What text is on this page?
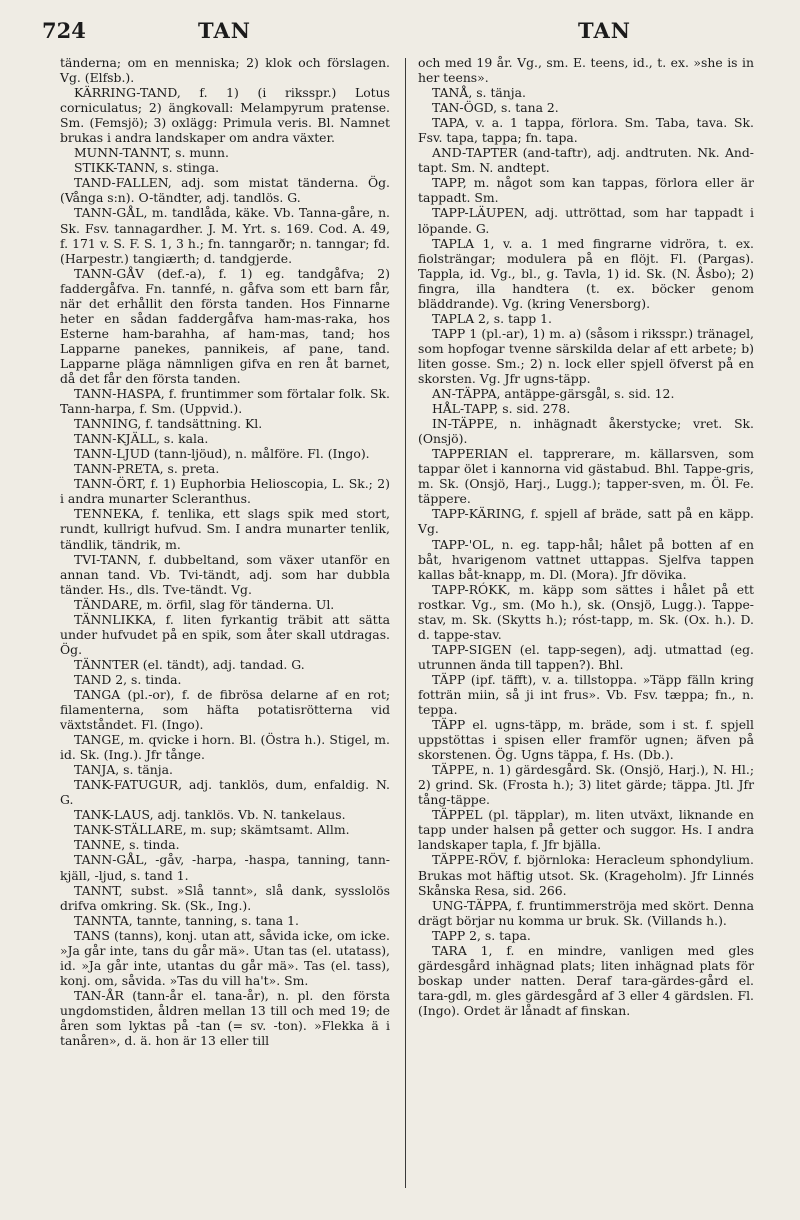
724	TAN	TAN

tänderna; om en menniska; 2) klok och förslagen. Vg. (Elfsb.).

KÄRRING-TAND, f. 1) (i riksspr.) Lotus corniculatus; 2) ängkovall: Melampyrum pratense. Sm. (Femsjö); 3) oxlägg: Primula veris. Bl. Namnet brukas i andra landskaper om andra växter.

MUNN-TANNT, s. munn.

STIKK-TANN, s. stinga.

TAND-FALLEN, adj. som mistat tänderna. Ög. (Vånga s:n). O-tändter, adj. tandlös. G.

TANN-GÅL, m. tandlåda, käke. Vb. Tanna-gåre, n. Sk. Fsv. tannagardher. J. M. Yrt. s. 169. Cod. A. 49, f. 171 v. S. F. S. 1, 3 h.; fn. tanngarðr; n. tanngar; fd. (Harpestr.) tangiærth; d. tandgjerde.

TANN-GÅV (def.-a), f. 1) eg. tandgåfva; 2) faddergåfva. Fn. tannfé, n. gåfva som ett barn får, när det erhållit den första tanden. Hos Finnarne heter en sådan faddergåfva ham-mas-raka, hos Esterne ham-barahha, af ham-mas, tand; hos Lapparne panekes, pannikeis, af pane, tand. Lapparne pläga nämnligen gifva en ren åt barnet, då det får den första tanden.

TANN-HASPA, f. fruntimmer som förtalar folk. Sk. Tann-harpa, f. Sm. (Uppvid.).

TANNING, f. tandsättning. Kl.

TANN-KJÄLL, s. kala.

TANN-LJUD (tann-ljöud), n. målföre. Fl. (Ingo).

TANN-PRETA, s. preta.

TANN-ÖRT, f. 1) Euphorbia Helioscopia, L. Sk.; 2) i andra munarter Scleranthus.

TENNEKA, f. tenlika, ett slags spik med stort, rundt, kullrigt hufvud. Sm. I andra munarter tenlik, tändlik, tändrik, m.

TVI-TANN, f. dubbeltand, som växer utanför en annan tand. Vb. Tvi-tändt, adj. som har dubbla tänder. Hs., dls. Tve-tändt. Vg.

TÄNDARE, m. örfil, slag för tänderna. Ul.

TÄNNLIKKA, f. liten fyrkantig träbit att sätta under hufvudet på en spik, som åter skall utdragas. Ög.

TÄNNTER (el. tändt), adj. tandad. G.

TAND 2, s. tinda.

TANGA (pl.-or), f. de fibrösa delarne af en rot; filamenterna, som häfta potatisrötterna vid växtståndet. Fl. (Ingo).

TANGE, m. qvicke i horn. Bl. (Östra h.). Stigel, m. id. Sk. (Ing.). Jfr tånge.

TANJA, s. tänja.

TANK-FATUGUR, adj. tanklös, dum, enfaldig. N. G.

TANK-LAUS, adj. tanklös. Vb. N. tankelaus.

TANK-STÄLLARE, m. sup; skämtsamt. Allm.

TANNE, s. tinda.

TANN-GÅL, -gåv, -harpa, -haspa, tanning, tann-kjäll, -ljud, s. tand 1.

TANNT, subst. »Slå tannt», slå dank, sysslolös drifva omkring. Sk. (Sk., Ing.).

TANNTA, tannte, tanning, s. tana 1.

TANS (tanns), konj. utan att, såvida icke, om icke. »Ja går inte, tans du går mä». Utan tas (el. utatass), id. »Ja går inte, utantas du går mä». Tas (el. tass), konj. om, såvida. »Tas du vill ha't». Sm.

TAN-ÅR (tann-år el. tana-år), n. pl. den första ungdomstiden, åldren mellan 13 till och med 19; de åren som lyktas på -tan (= sv. -ton). »Flekka ä i tanåren», d. ä. hon är 13 eller till

och med 19 år. Vg., sm. E. teens, id., t. ex. »she is in her teens».

TANÅ, s. tänja.

TAN-ÖGD, s. tana 2.

TAPA, v. a. 1 tappa, förlora. Sm. Taba, tava. Sk. Fsv. tapa, tappa; fn. tapa.

AND-TAPTER (and-taftr), adj. andtruten. Nk. And-tapt. Sm. N. andtept.

TAPP, m. något som kan tappas, förlora eller är tappadt. Sm.

TAPP-LÄUPEN, adj. uttröttad, som har tappadt i löpande. G.

TAPLA 1, v. a. 1 med fingrarne vidröra, t. ex. fiolsträngar; modulera på en flöjt. Fl. (Pargas). Tappla, id. Vg., bl., g. Tavla, 1) id. Sk. (N. Åsbo); 2) fingra, illa handtera (t. ex. böcker genom bläddrande). Vg. (kring Venersborg).

TAPLA 2, s. tapp 1.

TAPP 1 (pl.-ar), 1) m. a) (såsom i riksspr.) tränagel, som hopfogar tvenne särskilda delar af ett arbete; b) liten gosse. Sm.; 2) n. lock eller spjell öfverst på en skorsten. Vg. Jfr ugns-täpp.

AN-TÄPPA, antäppe-gärsgål, s. sid. 12.

HÅL-TAPP, s. sid. 278.

IN-TÄPPE, n. inhägnadt åkerstycke; vret. Sk. (Onsjö).

TAPPERIAN el. tapprerare, m. källarsven, som tappar ölet i kannorna vid gästabud. Bhl. Tappe-gris, m. Sk. (Onsjö, Harj., Lugg.); tapper-sven, m. Öl. Fe. täppere.

TAPP-KÄRING, f. spjell af bräde, satt på en käpp. Vg.

TAPP-'OL, n. eg. tapp-hål; hålet på botten af en båt, hvarigenom vattnet uttappas. Sjelfva tappen kallas båt-knapp, m. Dl. (Mora). Jfr dövika.

TAPP-RÓKK, m. käpp som sättes i hålet på ett rostkar. Vg., sm. (Mo h.), sk. (Onsjö, Lugg.). Tappe-stav, m. Sk. (Skytts h.); róst-tapp, m. Sk. (Ox. h.). D. d. tappe-stav.

TAPP-SIGEN (el. tapp-segen), adj. utmattad (eg. utrunnen ända till tappen?). Bhl.

TÄPP (ipf. täfft), v. a. tillstoppa. »Täpp fälln kring fotträn miin, så ji int frus». Vb. Fsv. tæppa; fn., n. teppa.

TÄPP el. ugns-täpp, m. bräde, som i st. f. spjell uppstöttas i spisen eller framför ugnen; äfven på skorstenen. Ög. Ugns täppa, f. Hs. (Db.).

TÄPPE, n. 1) gärdesgård. Sk. (Onsjö, Harj.), N. Hl.; 2) grind. Sk. (Frosta h.); 3) litet gärde; täppa. Jtl. Jfr tång-täppe.

TÄPPEL (pl. täpplar), m. liten utväxt, liknande en tapp under halsen på getter och suggor. Hs. I andra landskaper tapla, f. Jfr bjälla.

TÄPPE-RÖV, f. björnloka: Heracleum sphondylium. Brukas mot häftig utsot. Sk. (Krageholm). Jfr Linnés Skånska Resa, sid. 266.

UNG-TÄPPA, f. fruntimmerströja med skört. Denna drägt börjar nu komma ur bruk. Sk. (Villands h.).

TAPP 2, s. tapa.

TARA 1, f. en mindre, vanligen med gles gärdesgård inhägnad plats; liten inhägnad plats för boskap under natten. Deraf tara-gärdes-gård el. tara-gdl, m. gles gärdesgård af 3 eller 4 gärdslen. Fl. (Ingo). Ordet är lånadt af finskan.
